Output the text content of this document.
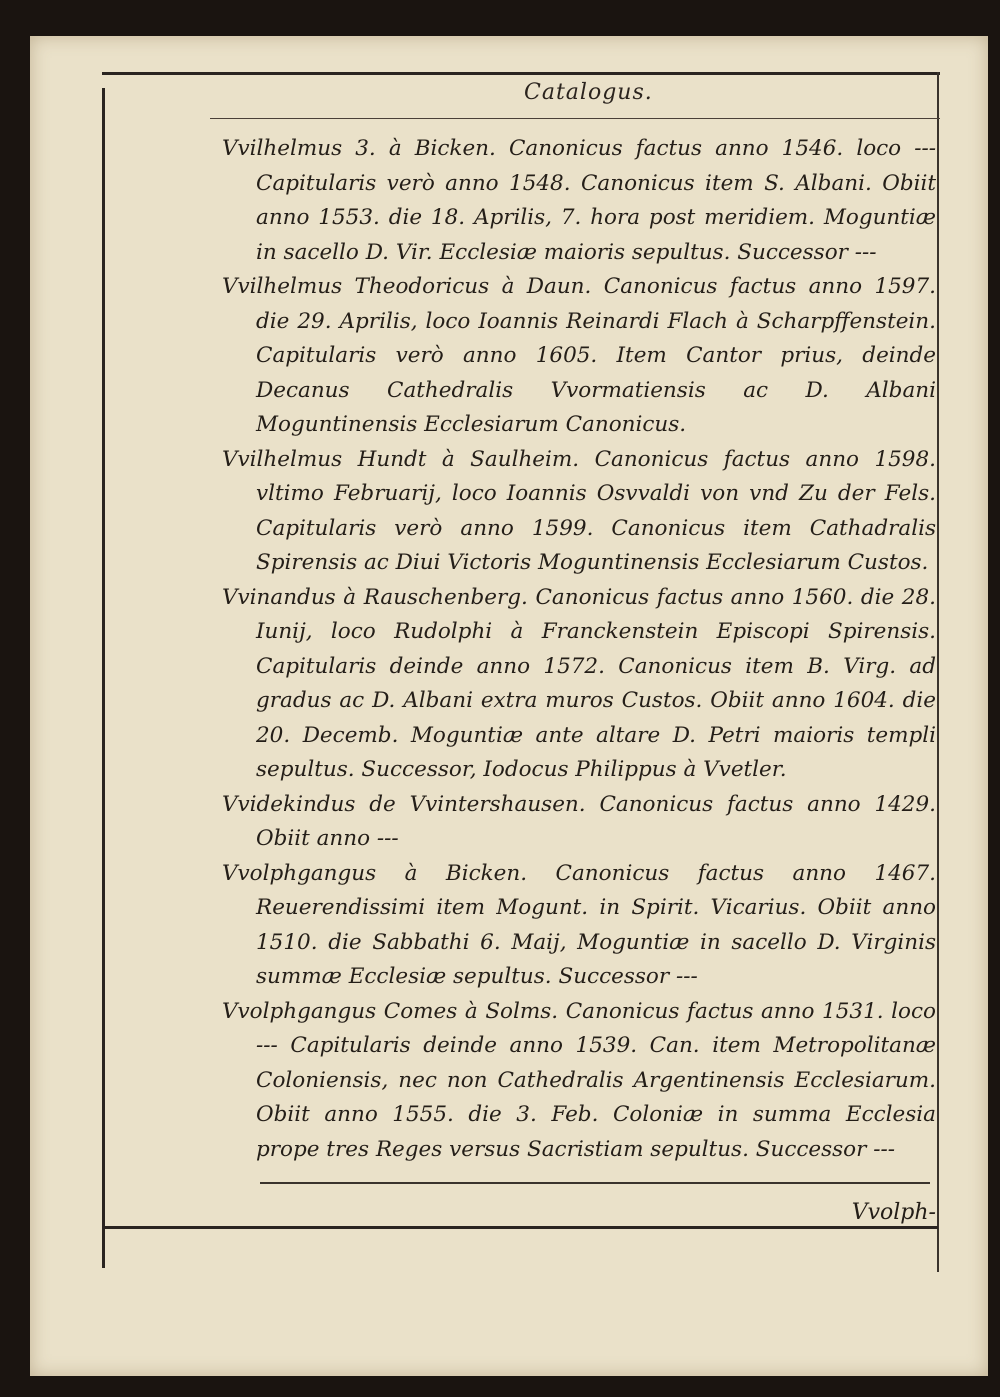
Catalogus.

Vvilhelmus 3. à Bicken. Canonicus factus anno 1546. loco --- Capitularis verò anno 1548. Canonicus item S. Albani. Obiit anno 1553. die 18. Aprilis, 7. hora post meridiem. Moguntiæ in sacello D. Vir. Ecclesiæ maioris sepultus. Successor ---

Vvilhelmus Theodoricus à Daun. Canonicus factus anno 1597. die 29. Aprilis, loco Ioannis Reinardi Flach à Scharpffenstein. Capitularis verò anno 1605. Item Cantor prius, deinde Decanus Cathedralis Vvormatiensis ac D. Albani Moguntinensis Ecclesiarum Canonicus.

Vvilhelmus Hundt à Saulheim. Canonicus factus anno 1598. vltimo Februarij, loco Ioannis Osvvaldi von vnd Zu der Fels. Capitularis verò anno 1599. Canonicus item Cathadralis Spirensis ac Diui Victoris Moguntinensis Ecclesiarum Custos.

Vvinandus à Rauschenberg. Canonicus factus anno 1560. die 28. Iunij, loco Rudolphi à Franckenstein Episcopi Spirensis. Capitularis deinde anno 1572. Canonicus item B. Virg. ad gradus ac D. Albani extra muros Custos. Obiit anno 1604. die 20. Decemb. Moguntiæ ante altare D. Petri maioris templi sepultus. Successor, Iodocus Philippus à Vvetler.

Vvidekindus de Vvintershausen. Canonicus factus anno 1429. Obiit anno ---

Vvolphgangus à Bicken. Canonicus factus anno 1467. Reuerendissimi item Mogunt. in Spirit. Vicarius. Obiit anno 1510. die Sabbathi 6. Maij, Moguntiæ in sacello D. Virginis summæ Ecclesiæ sepultus. Successor ---

Vvolphgangus Comes à Solms. Canonicus factus anno 1531. loco --- Capitularis deinde anno 1539. Can. item Metropolitanæ Coloniensis, nec non Cathedralis Argentinensis Ecclesiarum. Obiit anno 1555. die 3. Feb. Coloniæ in summa Ecclesia prope tres Reges versus Sacristiam sepultus. Successor ---

Vvolph-
